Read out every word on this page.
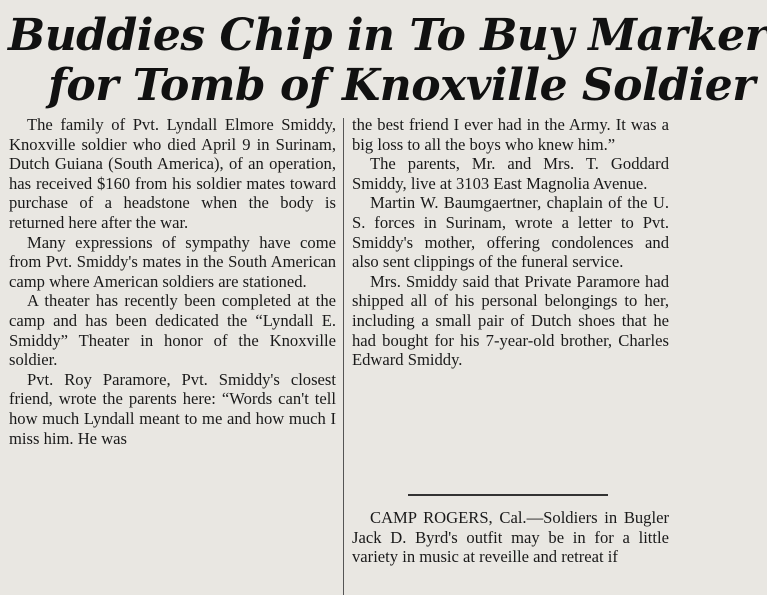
Buddies Chip in To Buy Marker
for Tomb of Knoxville Soldier

The family of Pvt. Lyndall Elmore Smiddy, Knoxville soldier who died April 9 in Surinam, Dutch Guiana (South America), of an operation, has received $160 from his soldier mates toward purchase of a headstone when the body is returned here after the war.

Many expressions of sympathy have come from Pvt. Smiddy's mates in the South American camp where American soldiers are stationed.

A theater has recently been completed at the camp and has been dedicated the “Lyndall E. Smiddy” Theater in honor of the Knoxville soldier.

Pvt. Roy Paramore, Pvt. Smiddy's closest friend, wrote the parents here: “Words can't tell how much Lyndall meant to me and how much I miss him. He was

the best friend I ever had in the Army. It was a big loss to all the boys who knew him.”

The parents, Mr. and Mrs. T. Goddard Smiddy, live at 3103 East Magnolia Avenue.

Martin W. Baumgaertner, chaplain of the U. S. forces in Surinam, wrote a letter to Pvt. Smiddy's mother, offering condolences and also sent clippings of the funeral service.

Mrs. Smiddy said that Private Paramore had shipped all of his personal belongings to her, including a small pair of Dutch shoes that he had bought for his 7-year-old brother, Charles Edward Smiddy.

CAMP ROGERS, Cal.—Soldiers in Bugler Jack D. Byrd's outfit may be in for a little variety in music at reveille and retreat if
